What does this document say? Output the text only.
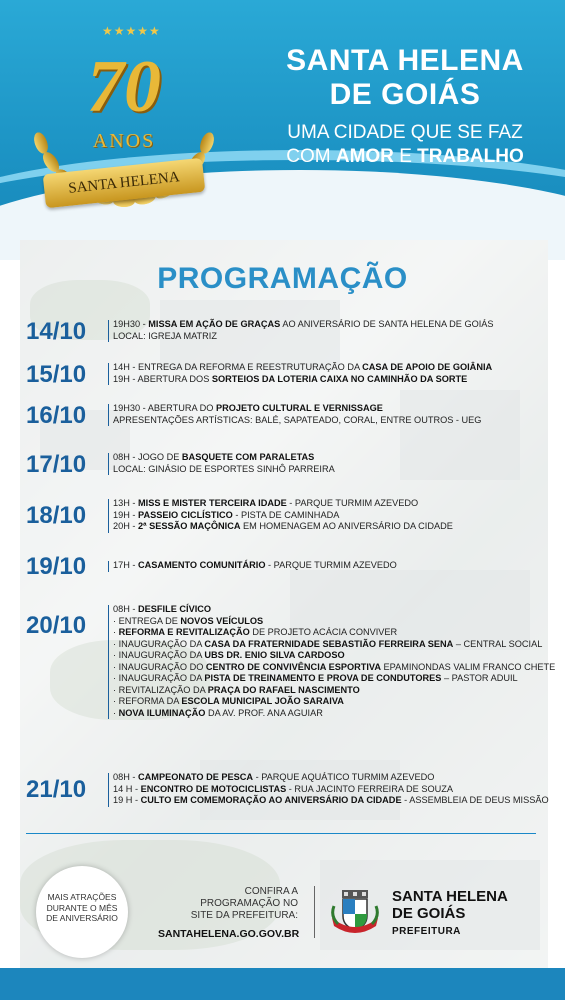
★★★★★
70
ANOS
SANTA HELENA
SANTA HELENA
DE GOIÁS
UMA CIDADE QUE SE FAZ
COM AMOR E TRABALHO
PROGRAMAÇÃO
14/10	19H30 - MISSA EM AÇÃO DE GRAÇAS AO ANIVERSÁRIO DE SANTA HELENA DE GOIÁS
LOCAL: IGREJA MATRIZ
15/10	14H - ENTREGA DA REFORMA E REESTRUTURAÇÃO DA CASA DE APOIO DE GOIÂNIA
19H - ABERTURA DOS SORTEIOS DA LOTERIA CAIXA NO CAMINHÃO DA SORTE
16/10	19H30 - ABERTURA DO PROJETO CULTURAL E VERNISSAGE
APRESENTAÇÕES ARTÍSTICAS: BALÉ, SAPATEADO, CORAL, ENTRE OUTROS - UEG
17/10	08H - JOGO DE BASQUETE COM PARALETAS
LOCAL: GINÁSIO DE ESPORTES SINHÔ PARREIRA
18/10	13H - MISS E MISTER TERCEIRA IDADE - PARQUE TURMIM AZEVEDO
19H - PASSEIO CICLÍSTICO - PISTA DE CAMINHADA
20H - 2ª SESSÃO MAÇÔNICA EM HOMENAGEM AO ANIVERSÁRIO DA CIDADE
19/10	17H - CASAMENTO COMUNITÁRIO - PARQUE TURMIM AZEVEDO
20/10
08H - DESFILE CÍVICO
· ENTREGA DE NOVOS VEÍCULOS
· REFORMA E REVITALIZAÇÃO DE PROJETO ACÁCIA CONVIVER
· INAUGURAÇÃO DA CASA DA FRATERNIDADE SEBASTIÃO FERREIRA SENA – CENTRAL SOCIAL
· INAUGURAÇÃO DA UBS DR. ENIO SILVA CARDOSO
· INAUGURAÇÃO DO CENTRO DE CONVIVÊNCIA ESPORTIVA EPAMINONDAS VALIM FRANCO CHETE
· INAUGURAÇÃO DA PISTA DE TREINAMENTO E PROVA DE CONDUTORES – PASTOR ADUIL
· REVITALIZAÇÃO DA PRAÇA DO RAFAEL NASCIMENTO
· REFORMA DA ESCOLA MUNICIPAL JOÃO SARAIVA
· NOVA ILUMINAÇÃO DA AV. PROF. ANA AGUIAR
21/10	08H - CAMPEONATO DE PESCA - PARQUE AQUÁTICO TURMIM AZEVEDO
14 H - ENCONTRO DE MOTOCICLISTAS - RUA JACINTO FERREIRA DE SOUZA
19 H - CULTO EM COMEMORAÇÃO AO ANIVERSÁRIO DA CIDADE - ASSEMBLEIA DE DEUS MISSÃO
MAIS ATRAÇÕES
DURANTE O MÊS
DE ANIVERSÁRIO
CONFIRA A
PROGRAMAÇÃO NO
SITE DA PREFEITURA:
SANTAHELENA.GO.GOV.BR
SANTA HELENA
DE GOIÁS
PREFEITURA
